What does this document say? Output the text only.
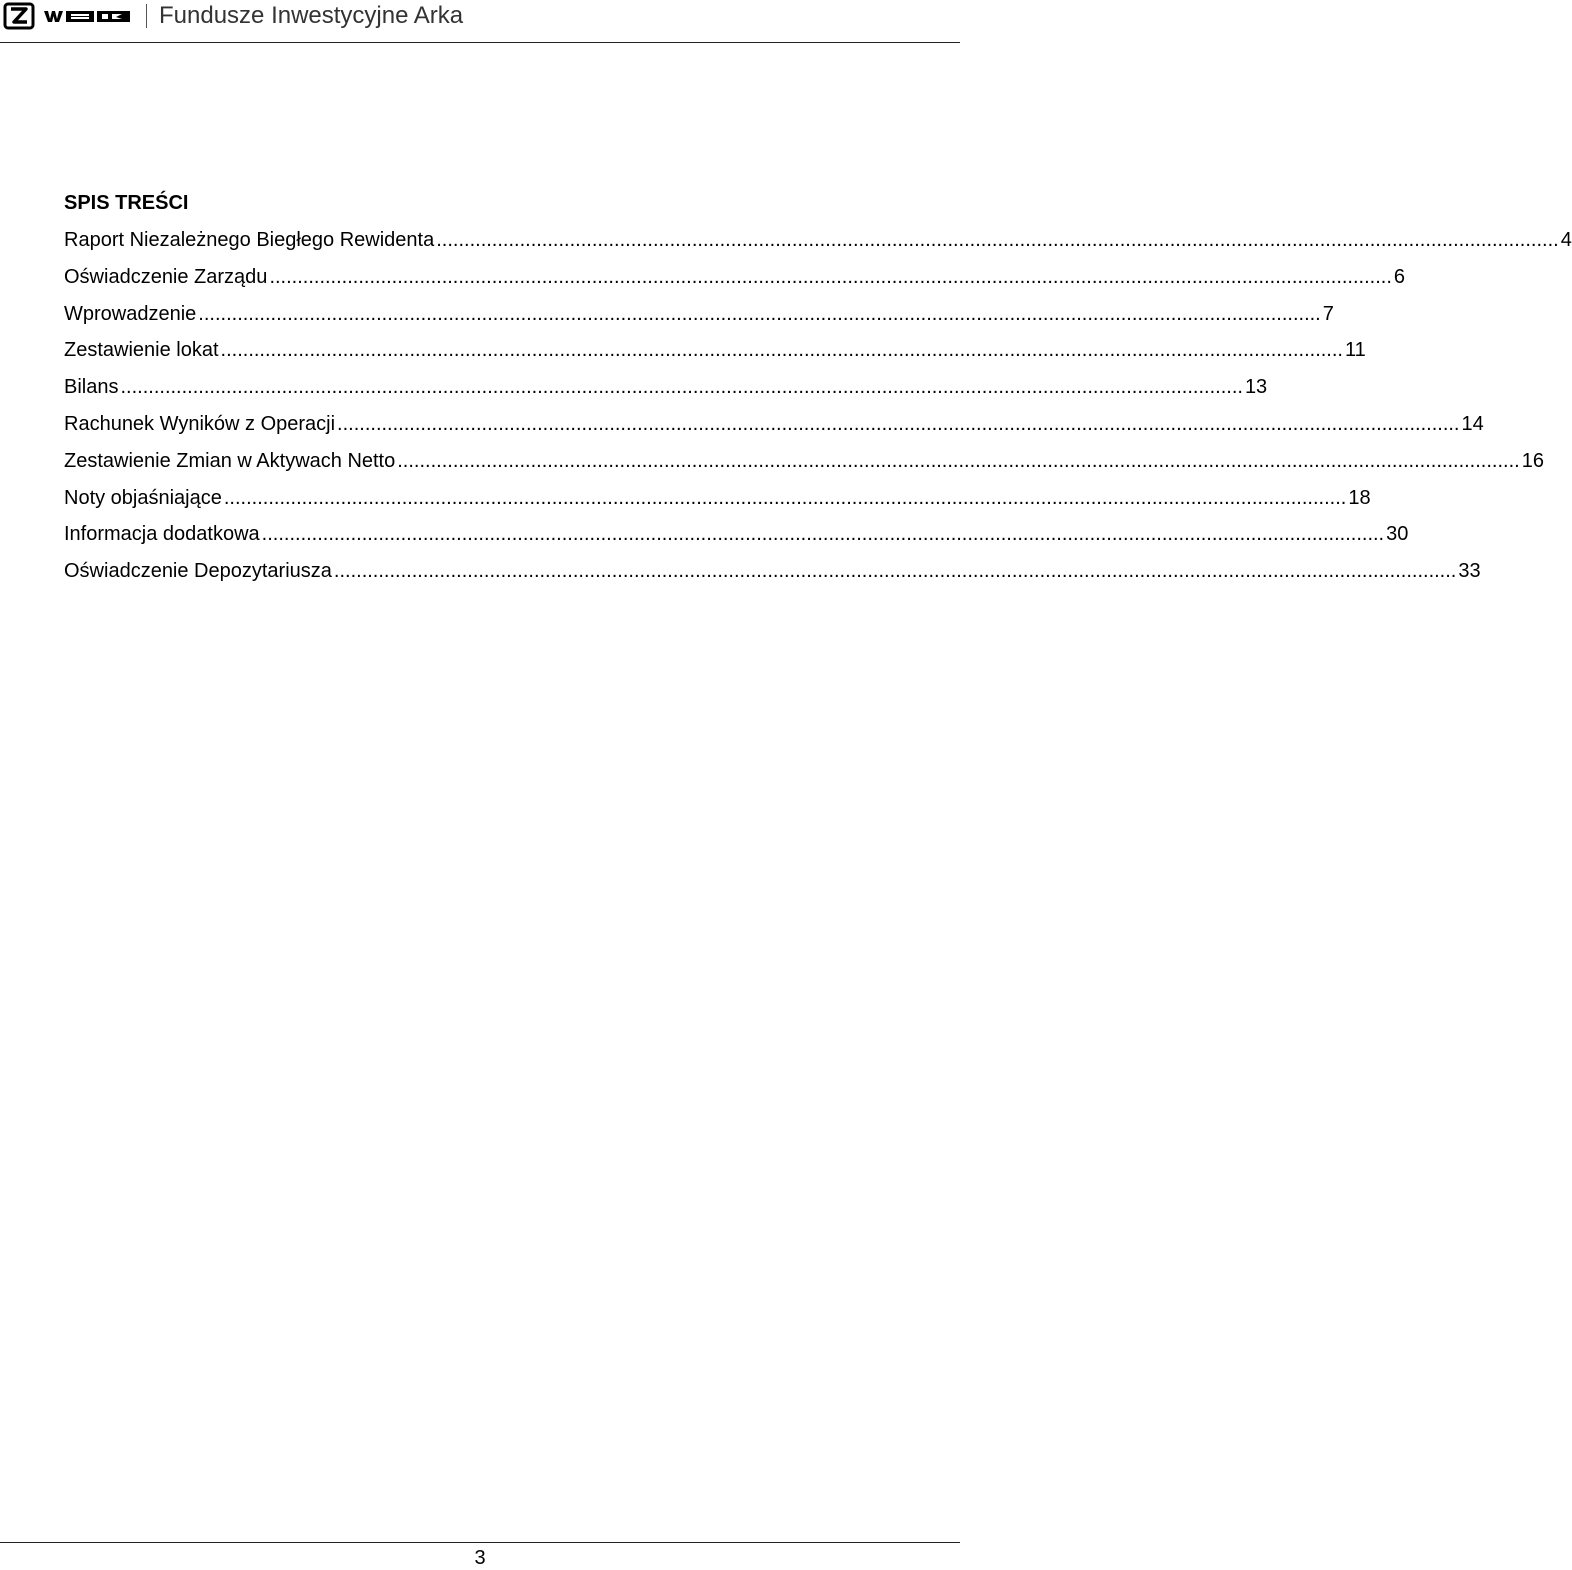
Fundusze Inwestycyjne Arka
SPIS TREŚCI
Raport Niezależnego Biegłego Rewidenta .......................................................................................................................................................................................................... 4
Oświadczenie Zarządu .......................................................................................................................................................................................................... 6
Wprowadzenie .......................................................................................................................................................................................................... 7
Zestawienie lokat .......................................................................................................................................................................................................... 11
Bilans .......................................................................................................................................................................................................... 13
Rachunek Wyników z Operacji .......................................................................................................................................................................................................... 14
Zestawienie Zmian w Aktywach Netto .......................................................................................................................................................................................................... 16
Noty objaśniające .......................................................................................................................................................................................................... 18
Informacja dodatkowa .......................................................................................................................................................................................................... 30
Oświadczenie Depozytariusza .......................................................................................................................................................................................................... 33
3
